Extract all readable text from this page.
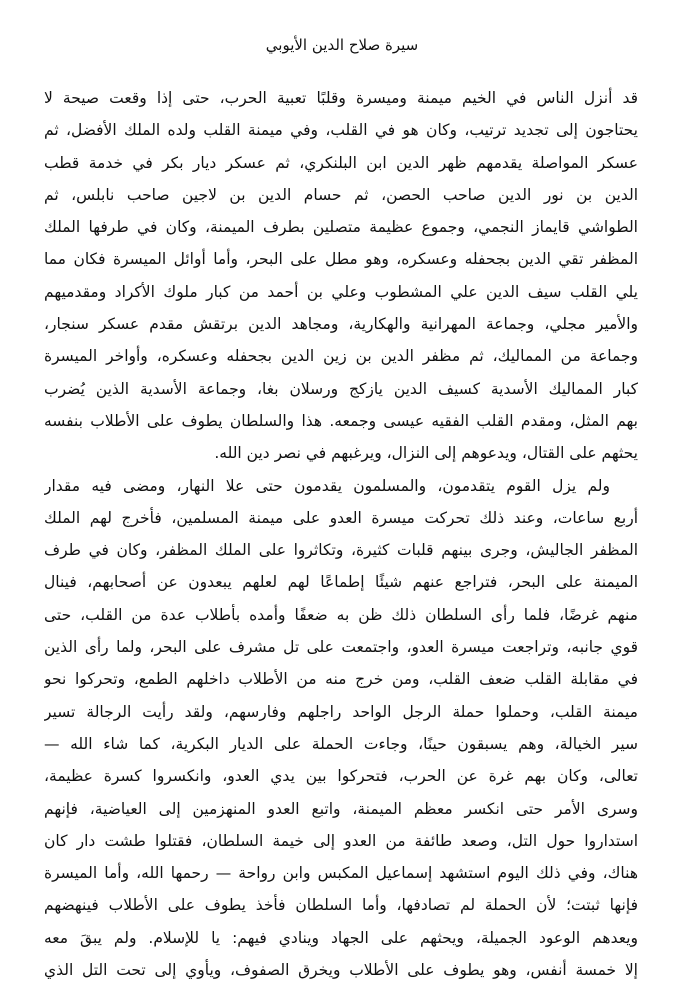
سيرة صلاح الدين الأيوبي
قد أنزل الناس في الخيم ميمنة وميسرة وقلبًا تعبية الحرب، حتى إذا وقعت صيحة لا
يحتاجون إلى تجديد ترتيب، وكان هو في القلب، وفي ميمنة القلب ولده الملك الأفضل، ثم
عسكر المواصلة يقدمهم ظهر الدين ابن البلنكري، ثم عسكر ديار بكر في خدمة قطب
الدين بن نور الدين صاحب الحصن، ثم حسام الدين بن لاجين صاحب نابلس، ثم
الطواشي قايماز النجمي، وجموع عظيمة متصلين بطرف الميمنة، وكان في طرفها الملك
المظفر تقي الدين بجحفله وعسكره، وهو مطل على البحر، وأما أوائل الميسرة فكان مما
يلي القلب سيف الدين علي المشطوب وعلي بن أحمد من كبار ملوك الأكراد ومقدميهم
والأمير مجلي، وجماعة المهرانية والهكارية، ومجاهد الدين برتقش مقدم عسكر سنجار،
وجماعة من المماليك، ثم مظفر الدين بن زين الدين بجحفله وعسكره، وأواخر الميسرة
كبار المماليك الأسدية كسيف الدين يازكج ورسلان بغا، وجماعة الأسدية الذين يُضرب
بهم المثل، ومقدم القلب الفقيه عيسى وجمعه. هذا والسلطان يطوف على الأطلاب بنفسه
يحثهم على القتال، ويدعوهم إلى النزال، ويرغبهم في نصر دين الله.
ولم يزل القوم يتقدمون، والمسلمون يقدمون حتى علا النهار، ومضى فيه مقدار
أربع ساعات، وعند ذلك تحركت ميسرة العدو على ميمنة المسلمين، فأخرج لهم الملك
المظفر الجاليش، وجرى بينهم قلبات كثيرة، وتكاثروا على الملك المظفر، وكان في طرف
الميمنة على البحر، فتراجع عنهم شيئًا إطماعًا لهم لعلهم يبعدون عن أصحابهم، فينال
منهم غرضًا، فلما رأى السلطان ذلك ظن به ضعفًا وأمده بأطلاب عدة من القلب، حتى
قوي جانبه، وتراجعت ميسرة العدو، واجتمعت على تل مشرف على البحر، ولما رأى الذين
في مقابلة القلب ضعف القلب، ومن خرج منه من الأطلاب داخلهم الطمع، وتحركوا نحو
ميمنة القلب، وحملوا حملة الرجل الواحد راجلهم وفارسهم، ولقد رأيت الرجالة تسير
سير الخيالة، وهم يسبقون حينًا، وجاءت الحملة على الديار البكرية، كما شاء الله —
تعالى، وكان بهم غرة عن الحرب، فتحركوا بين يدي العدو، وانكسروا كسرة عظيمة،
وسرى الأمر حتى انكسر معظم الميمنة، واتبع العدو المنهزمين إلى العياضية، فإنهم
استداروا حول التل، وصعد طائفة من العدو إلى خيمة السلطان، فقتلوا طشت دار كان
هناك، وفي ذلك اليوم استشهد إسماعيل المكبس وابن رواحة — رحمها الله، وأما الميسرة
فإنها ثبتت؛ لأن الحملة لم تصادفها، وأما السلطان فأخذ يطوف على الأطلاب فينهضهم
ويعدهم الوعود الجميلة، ويحثهم على الجهاد وينادي فيهم: يا للإسلام. ولم يبقَ معه
إلا خمسة أنفس، وهو يطوف على الأطلاب ويخرق الصفوف، ويأوي إلى تحت التل الذي
